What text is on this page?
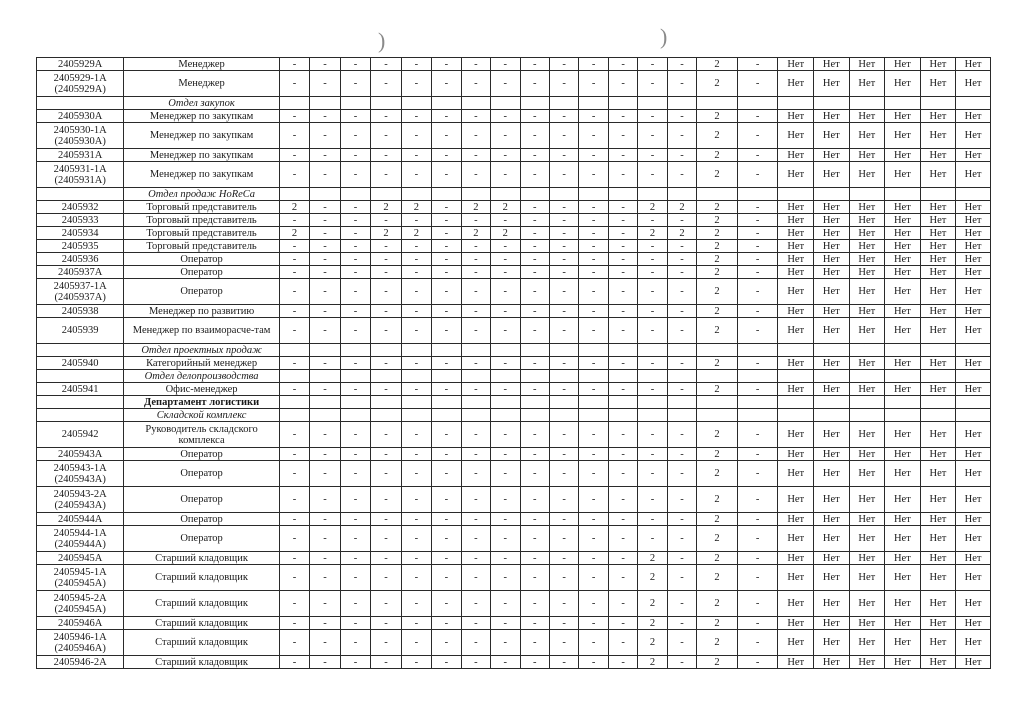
)	)
2405929А	Менеджер	-	-	-	-	-	-	-	-	-	-	-	-	-	-	2	-	Нет	Нет	Нет	Нет	Нет	Нет
2405929-1А (2405929А)	Менеджер	-	-	-	-	-	-	-	-	-	-	-	-	-	-	2	-	Нет	Нет	Нет	Нет	Нет	Нет
	Отдел закупок																						
2405930А	Менеджер по закупкам	-	-	-	-	-	-	-	-	-	-	-	-	-	-	2	-	Нет	Нет	Нет	Нет	Нет	Нет
2405930-1А (2405930А)	Менеджер по закупкам	-	-	-	-	-	-	-	-	-	-	-	-	-	-	2	-	Нет	Нет	Нет	Нет	Нет	Нет
2405931А	Менеджер по закупкам	-	-	-	-	-	-	-	-	-	-	-	-	-	-	2	-	Нет	Нет	Нет	Нет	Нет	Нет
2405931-1А (2405931А)	Менеджер по закупкам	-	-	-	-	-	-	-	-	-	-	-	-	-	-	2	-	Нет	Нет	Нет	Нет	Нет	Нет
	Отдел продаж HoReCa																						
2405932	Торговый представитель	2	-	-	2	2	-	2	2	-	-	-	-	2	2	2	-	Нет	Нет	Нет	Нет	Нет	Нет
2405933	Торговый представитель	-	-	-	-	-	-	-	-	-	-	-	-	-	-	2	-	Нет	Нет	Нет	Нет	Нет	Нет
2405934	Торговый представитель	2	-	-	2	2	-	2	2	-	-	-	-	2	2	2	-	Нет	Нет	Нет	Нет	Нет	Нет
2405935	Торговый представитель	-	-	-	-	-	-	-	-	-	-	-	-	-	-	2	-	Нет	Нет	Нет	Нет	Нет	Нет
2405936	Оператор	-	-	-	-	-	-	-	-	-	-	-	-	-	-	2	-	Нет	Нет	Нет	Нет	Нет	Нет
2405937А	Оператор	-	-	-	-	-	-	-	-	-	-	-	-	-	-	2	-	Нет	Нет	Нет	Нет	Нет	Нет
2405937-1А (2405937А)	Оператор	-	-	-	-	-	-	-	-	-	-	-	-	-	-	2	-	Нет	Нет	Нет	Нет	Нет	Нет
2405938	Менеджер по развитию	-	-	-	-	-	-	-	-	-	-	-	-	-	-	2	-	Нет	Нет	Нет	Нет	Нет	Нет
2405939	Менеджер по взаиморасче-там	-	-	-	-	-	-	-	-	-	-	-	-	-	-	2	-	Нет	Нет	Нет	Нет	Нет	Нет
	Отдел проектных продаж																						
2405940	Категорийный менеджер	-	-	-	-	-	-	-	-	-	-	-	-	-	-	2	-	Нет	Нет	Нет	Нет	Нет	Нет
	Отдел делопроизводства																						
2405941	Офис-менеджер	-	-	-	-	-	-	-	-	-	-	-	-	-	-	2	-	Нет	Нет	Нет	Нет	Нет	Нет
	Департамент логистики																						
	Складской комплекс																						
2405942	Руководитель складского комплекса	-	-	-	-	-	-	-	-	-	-	-	-	-	-	2	-	Нет	Нет	Нет	Нет	Нет	Нет
2405943А	Оператор	-	-	-	-	-	-	-	-	-	-	-	-	-	-	2	-	Нет	Нет	Нет	Нет	Нет	Нет
2405943-1А (2405943А)	Оператор	-	-	-	-	-	-	-	-	-	-	-	-	-	-	2	-	Нет	Нет	Нет	Нет	Нет	Нет
2405943-2А (2405943А)	Оператор	-	-	-	-	-	-	-	-	-	-	-	-	-	-	2	-	Нет	Нет	Нет	Нет	Нет	Нет
2405944А	Оператор	-	-	-	-	-	-	-	-	-	-	-	-	-	-	2	-	Нет	Нет	Нет	Нет	Нет	Нет
2405944-1А (2405944А)	Оператор	-	-	-	-	-	-	-	-	-	-	-	-	-	-	2	-	Нет	Нет	Нет	Нет	Нет	Нет
2405945А	Старший кладовщик	-	-	-	-	-	-	-	-	-	-	-	-	2	-	2	-	Нет	Нет	Нет	Нет	Нет	Нет
2405945-1А (2405945А)	Старший кладовщик	-	-	-	-	-	-	-	-	-	-	-	-	2	-	2	-	Нет	Нет	Нет	Нет	Нет	Нет
2405945-2А (2405945А)	Старший кладовщик	-	-	-	-	-	-	-	-	-	-	-	-	2	-	2	-	Нет	Нет	Нет	Нет	Нет	Нет
2405946А	Старший кладовщик	-	-	-	-	-	-	-	-	-	-	-	-	2	-	2	-	Нет	Нет	Нет	Нет	Нет	Нет
2405946-1А (2405946А)	Старший кладовщик	-	-	-	-	-	-	-	-	-	-	-	-	2	-	2	-	Нет	Нет	Нет	Нет	Нет	Нет
2405946-2А	Старший кладовщик	-	-	-	-	-	-	-	-	-	-	-	-	2	-	2	-	Нет	Нет	Нет	Нет	Нет	Нет
